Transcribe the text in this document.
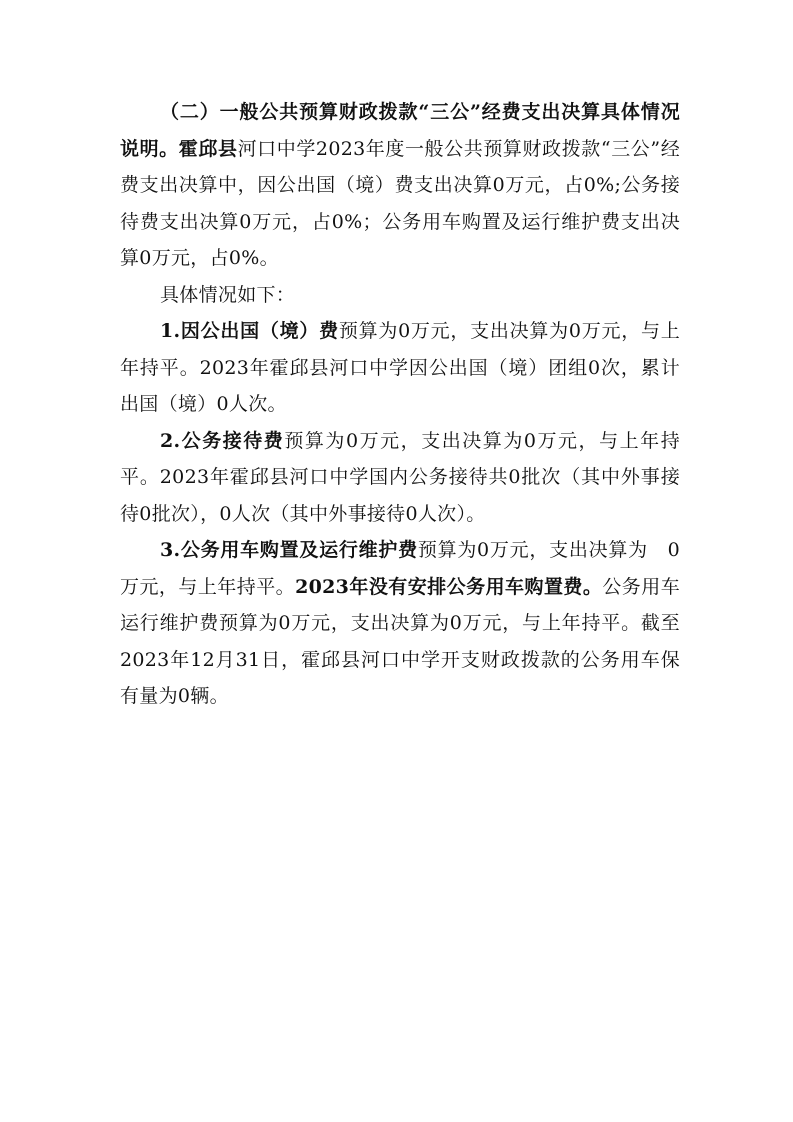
（二）一般公共预算财政拨款“三公”经费支出决算具体情况说明。霍邱县河口中学2023年度一般公共预算财政拨款“三公”经费支出决算中，因公出国（境）费支出决算0万元，占0%;公务接待费支出决算0万元，占0%；公务用车购置及运行维护费支出决算0万元，占0%。

具体情况如下：

1.因公出国（境）费预算为0万元，支出决算为0万元，与上年持平。2023年霍邱县河口中学因公出国（境）团组0次，累计出国（境）0人次。

2.公务接待费预算为0万元，支出决算为0万元，与上年持平。2023年霍邱县河口中学国内公务接待共0批次（其中外事接待0批次），0人次（其中外事接待0人次）。

3.公务用车购置及运行维护费预算为0万元，支出决算为　0万元，与上年持平。2023年没有安排公务用车购置费。公务用车运行维护费预算为0万元，支出决算为0万元，与上年持平。截至2023年12月31日，霍邱县河口中学开支财政拨款的公务用车保有量为0辆。
